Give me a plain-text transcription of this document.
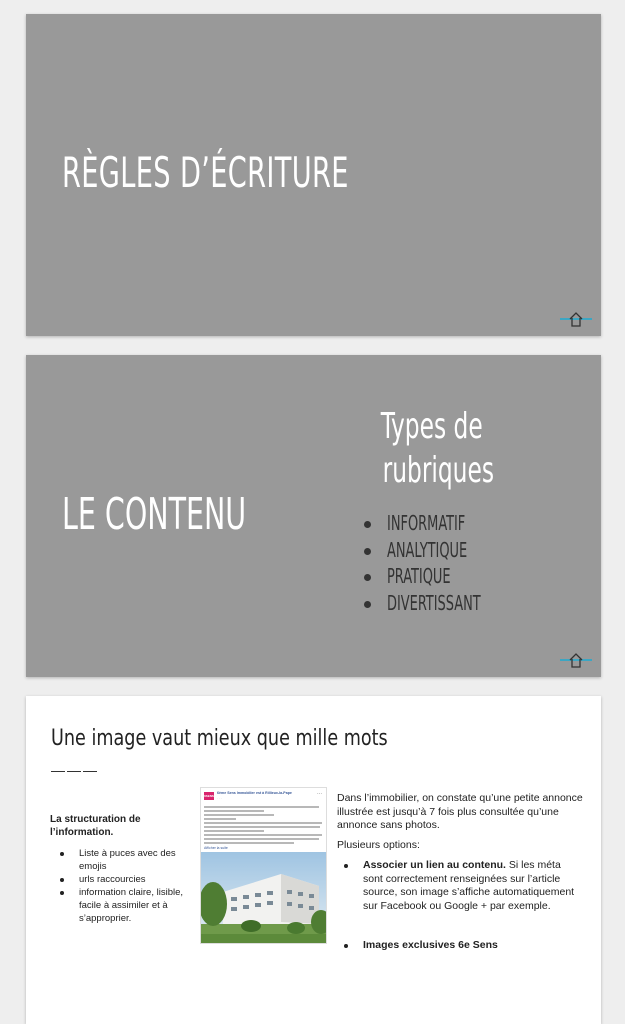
RÈGLES D’ÉCRITURE
LE CONTENU
Types de
rubriques
INFORMATIF
ANALYTIQUE
PRATIQUE
DIVERTISSANT
Une image vaut mieux que mille mots
———
La structuration de l’information.
Liste à puces avec des emojis
urls raccourcies
information claire, lisible, facile à assimiler et à s’approprier.
6SENS
6ème Sens Immobilier est à Rillieux-la-Pape
· · ·
···
Afficher la suite
Dans l’immobilier, on constate qu’une petite annonce illustrée est jusqu’à 7 fois plus consultée qu’une annonce sans photos.
Plusieurs options:
Associer un lien au contenu. Si les méta sont correctement renseignées sur l’article source, son image s’affiche automatiquement sur Facebook ou Google + par exemple.
Images exclusives 6e Sens
